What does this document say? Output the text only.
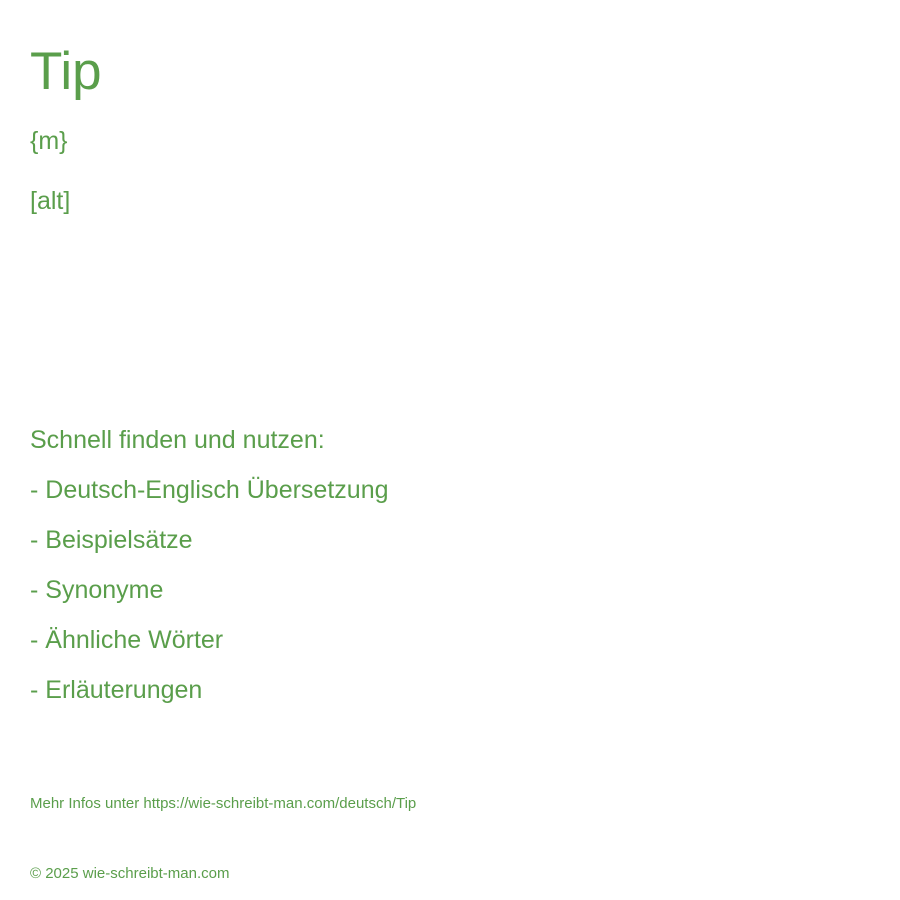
Tip
{m}
[alt]
Schnell finden und nutzen:
- Deutsch-Englisch Übersetzung
- Beispielsätze
- Synonyme
- Ähnliche Wörter
- Erläuterungen
Mehr Infos unter https://wie-schreibt-man.com/deutsch/Tip
© 2025 wie-schreibt-man.com
